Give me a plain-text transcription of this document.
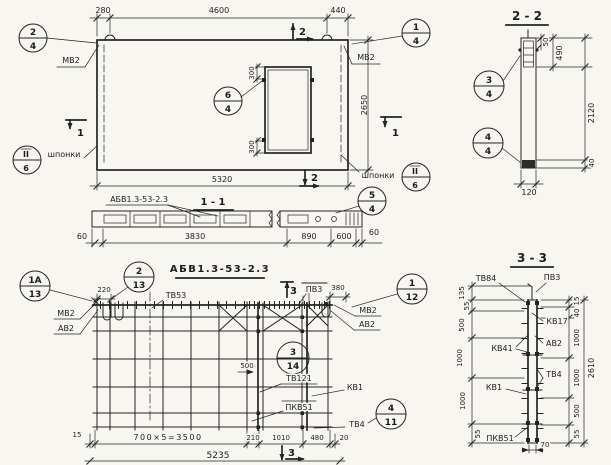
300
300
280	4600	440
2650
5320
2
2
1	1
МВ2	МВ2
II
6
шпонки
II
6
шпонки
2
4
1
4
6
4
2 - 2
50
490
2120
40
120
3
4
4
4
1 - 1
АБВ1.3-53-2.3
60	3830	890 600 60
5
4
АБВ1.3-53-2.3
2
13
220
1А
13
МВ2
АВ2
ТВ53	3 ПВ3 380	1
12
МВ2
АВ2
3
14
ТВ121
500
КВ1
ПКВ51
ТВ4
4
11
15	700×5=3500	210 1010	480 20
5235	3
3 - 3
ТВ84	ПВ3
КВ17
АВ2
КВ41
КВ1
ТВ4
ПКВ51
135
55
500
1000
1000
55
15
40
1000
1000
500
55
2610
70
